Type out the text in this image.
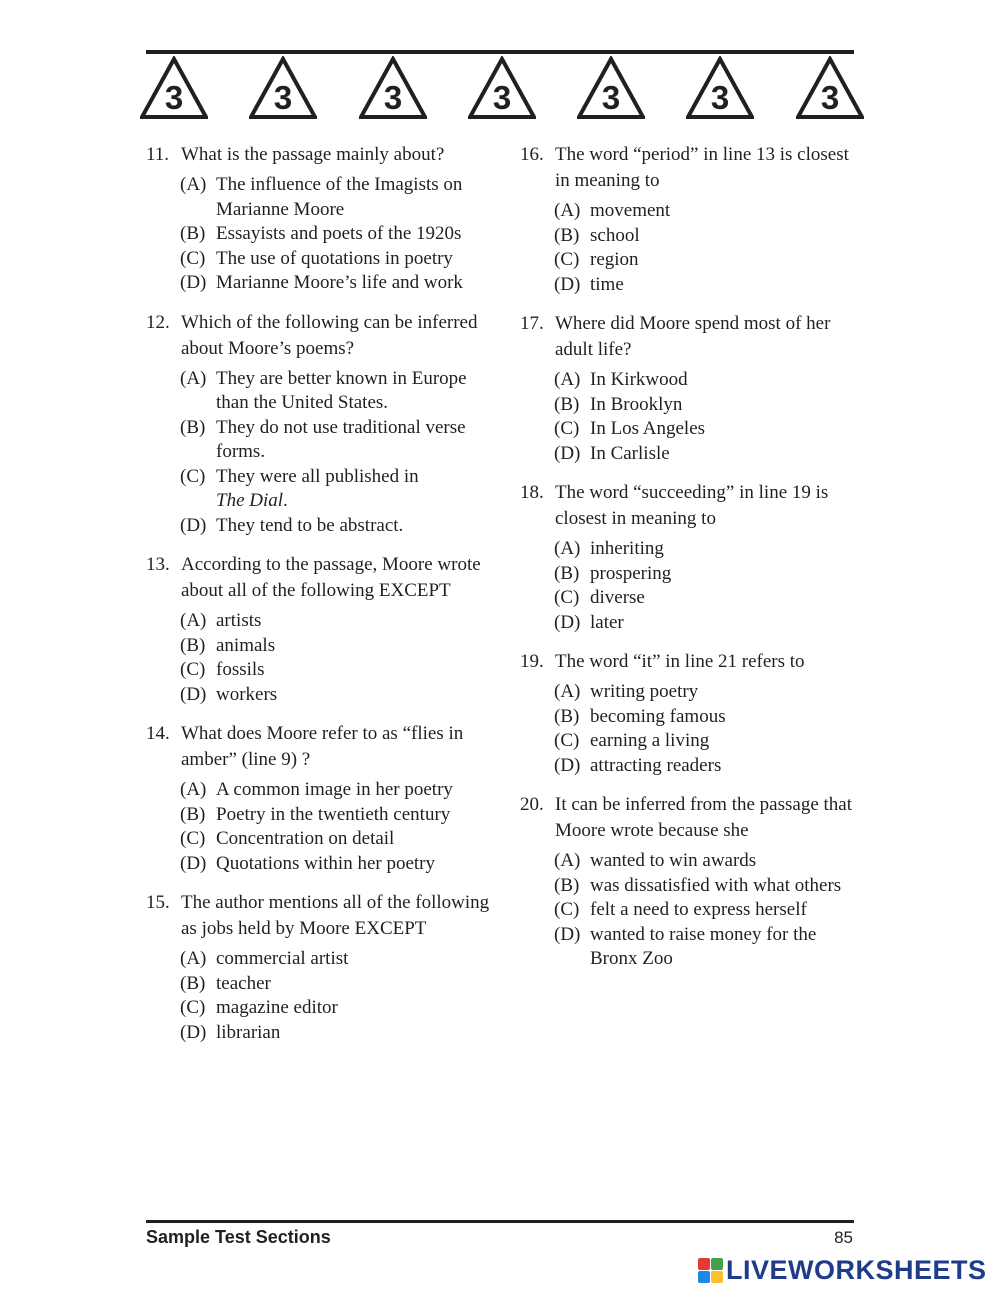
3	3	3	3	3	3	3
11. What is the passage mainly about?
(A) The influence of the Imagists on Marianne Moore
(B) Essayists and poets of the 1920s
(C) The use of quotations in poetry
(D) Marianne Moore’s life and work
12. Which of the following can be inferred about Moore’s poems?
(A) They are better known in Europe than the United States.
(B) They do not use traditional verse forms.
(C) They were all published in
The Dial.
(D) They tend to be abstract.
13. According to the passage, Moore wrote about all of the following EXCEPT
(A) artists
(B) animals
(C) fossils
(D) workers
14. What does Moore refer to as “flies in amber” (line 9) ?
(A) A common image in her poetry
(B) Poetry in the twentieth century
(C) Concentration on detail
(D) Quotations within her poetry
15. The author mentions all of the following as jobs held by Moore EXCEPT
(A) commercial artist
(B) teacher
(C) magazine editor
(D) librarian
16. The word “period” in line 13 is closest in meaning to
(A) movement
(B) school
(C) region
(D) time
17. Where did Moore spend most of her adult life?
(A) In Kirkwood
(B) In Brooklyn
(C) In Los Angeles
(D) In Carlisle
18. The word “succeeding” in line 19 is closest in meaning to
(A) inheriting
(B) prospering
(C) diverse
(D) later
19. The word “it” in line 21 refers to
(A) writing poetry
(B) becoming famous
(C) earning a living
(D) attracting readers
20. It can be inferred from the passage that Moore wrote because she
(A) wanted to win awards
(B) was dissatisfied with what others
(C) felt a need to express herself
(D) wanted to raise money for the Bronx Zoo
Sample Test Sections	85
LIVEWORKSHEETS
